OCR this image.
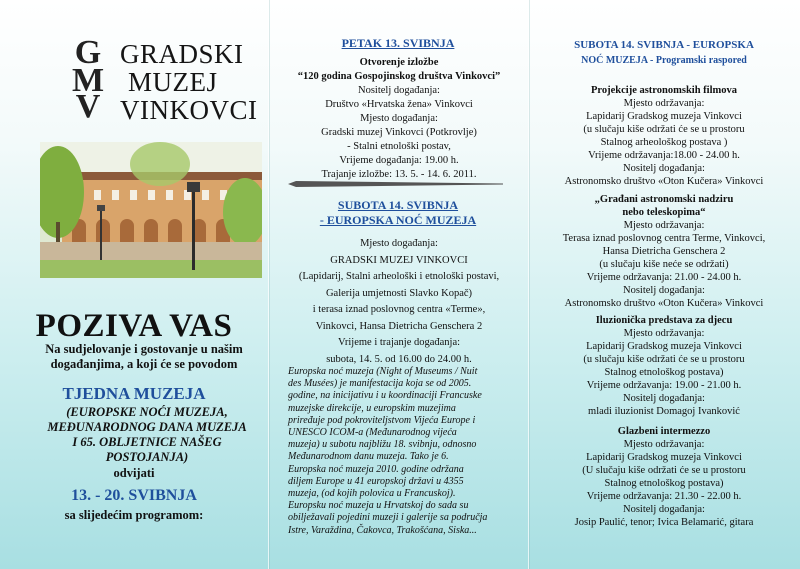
G
M
V
GRADSKI
MUZEJ
VINKOVCI
POZIVA VAS
Na sudjelovanje i gostovanje u našim
događanjima, a koji će se povodom
TJEDNA MUZEJA
(EUROPSKE NOĆI MUZEJA,
MEĐUNARODNOG DANA MUZEJA
I 65. OBLJETNICE NAŠEG
POSTOJANJA)
odvijati
13. - 20. SVIBNJA
sa slijedećim programom:
PETAK 13. SVIBNJA
Otvorenje izložbe
“120 godina Gospojinskog društva Vinkovci”
Nositelj događanja:
Društvo «Hrvatska žena» Vinkovci
Mjesto događanja:
Gradski muzej Vinkovci (Potkrovlje)
- Stalni etnološki postav,
Vrijeme događanja: 19.00 h.
Trajanje izložbe: 13. 5. - 14. 6. 2011.
SUBOTA 14. SVIBNJA
- EUROPSKA NOĆ MUZEJA
Mjesto događanja:
GRADSKI MUZEJ VINKOVCI
(Lapidarij, Stalni arheološki i etnološki postavi,
Galerija umjetnosti Slavko Kopač)
i terasa iznad poslovnog centra «Terme»,
Vinkovci, Hansa Dietricha Genschera 2
Vrijeme i trajanje događanja:
subota, 14. 5. od 16.00 do 24.00 h.
Europska noć muzeja (Night of Museums / Nuit
des Musées) je manifestacija koja se od 2005.
godine, na inicijativu i u koordinaciji Francuske
muzejske direkcije, u europskim muzejima
priređuje pod pokroviteljstvom Vijeća Europe i
UNESCO ICOM-a (Međunarodnog vijeća
muzeja) u subotu najbližu 18. svibnju, odnosno
Međunarodnom danu muzeja. Tako je 6.
Europska noć muzeja 2010. godine održana
diljem Europe u 41 europskoj državi u 4355
muzeja, (od kojih polovica u Francuskoj).
Europsku noć muzeja u Hrvatskoj do sada su
obilježavali pojedini muzeji i galerije sa područja
Istre, Varaždina, Čakovca, Trakošćana, Siska...
SUBOTA 14. SVIBNJA - EUROPSKA
NOĆ MUZEJA - Programski raspored
Projekcije astronomskih filmova
Mjesto održavanja:
Lapidarij Gradskog muzeja Vinkovci
(u slučaju kiše održati će se u prostoru
Stalnog arheološkog postava )
Vrijeme održavanja:18.00 - 24.00 h.
Nositelj događanja:
Astronomsko društvo «Oton Kučera» Vinkovci
„Građani astronomski nadziru
nebo teleskopima“
Mjesto održavanja:
Terasa iznad poslovnog centra Terme, Vinkovci,
Hansa Dietricha Genschera 2
(u slučaju kiše neće se održati)
Vrijeme održavanja: 21.00 - 24.00 h.
Nositelj događanja:
Astronomsko društvo «Oton Kučera» Vinkovci
Iluzionička predstava za djecu
Mjesto održavanja:
Lapidarij Gradskog muzeja Vinkovci
(u slučaju kiše održati će se u prostoru
Stalnog etnološkog postava)
Vrijeme održavanja: 19.00 - 21.00 h.
Nositelj događanja:
mladi iluzionist Domagoj Ivanković
Glazbeni intermezzo
Mjesto održavanja:
Lapidarij Gradskog muzeja Vinkovci
(U slučaju kiše održati će se u prostoru
Stalnog etnološkog postava)
Vrijeme održavanja: 21.30 - 22.00 h.
Nositelj događanja:
Josip Paulić, tenor; Ivica Belamarić, gitara
